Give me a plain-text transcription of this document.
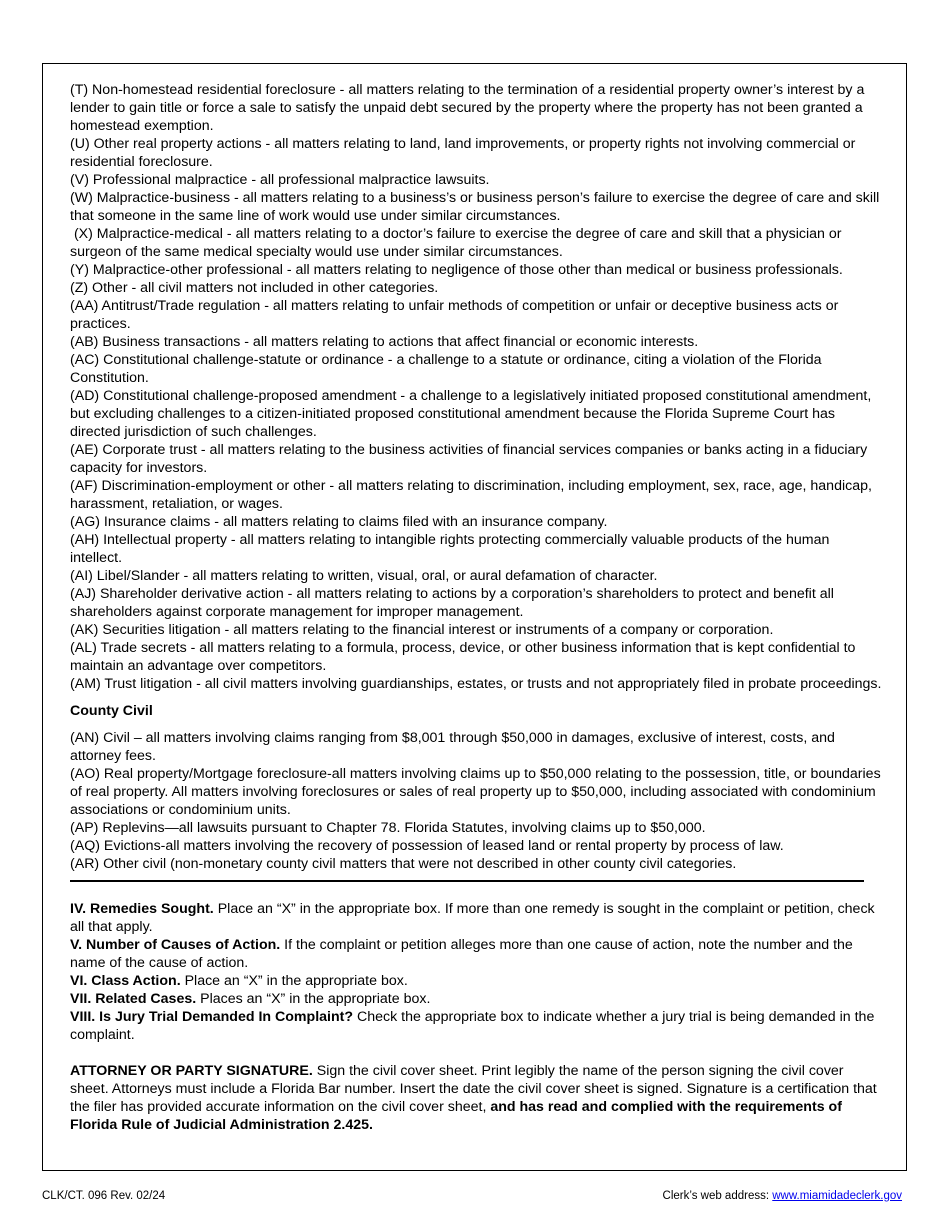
(T) Non-homestead residential foreclosure - all matters relating to the termination of a residential property owner’s interest by a lender to gain title or force a sale to satisfy the unpaid debt secured by the property where the property has not been granted a homestead exemption.

(U) Other real property actions - all matters relating to land, land improvements, or property rights not involving commercial or residential foreclosure.

(V) Professional malpractice - all professional malpractice lawsuits.

(W) Malpractice-business - all matters relating to a business’s or business person’s failure to exercise the degree of care and skill that someone in the same line of work would use under similar circumstances.

(X) Malpractice-medical - all matters relating to a doctor’s failure to exercise the degree of care and skill that a physician or surgeon of the same medical specialty would use under similar circumstances.

(Y) Malpractice-other professional - all matters relating to negligence of those other than medical or business professionals.

(Z) Other - all civil matters not included in other categories.

(AA) Antitrust/Trade regulation - all matters relating to unfair methods of competition or unfair or deceptive business acts or practices.

(AB) Business transactions - all matters relating to actions that affect financial or economic interests.

(AC) Constitutional challenge-statute or ordinance - a challenge to a statute or ordinance, citing a violation of the Florida Constitution.

(AD) Constitutional challenge-proposed amendment - a challenge to a legislatively initiated proposed constitutional amendment, but excluding challenges to a citizen-initiated proposed constitutional amendment because the Florida Supreme Court has directed jurisdiction of such challenges.

(AE) Corporate trust - all matters relating to the business activities of financial services companies or banks acting in a fiduciary capacity for investors.

(AF) Discrimination-employment or other - all matters relating to discrimination, including employment, sex, race, age, handicap, harassment, retaliation, or wages.

(AG) Insurance claims - all matters relating to claims filed with an insurance company.

(AH) Intellectual property - all matters relating to intangible rights protecting commercially valuable products of the human intellect.

(AI) Libel/Slander - all matters relating to written, visual, oral, or aural defamation of character.

(AJ) Shareholder derivative action - all matters relating to actions by a corporation’s shareholders to protect and benefit all shareholders against corporate management for improper management.

(AK) Securities litigation - all matters relating to the financial interest or instruments of a company or corporation.

(AL) Trade secrets - all matters relating to a formula, process, device, or other business information that is kept confidential to maintain an advantage over competitors.

(AM) Trust litigation - all civil matters involving guardianships, estates, or trusts and not appropriately filed in probate proceedings.

County Civil

(AN) Civil – all matters involving claims ranging from $8,001 through $50,000 in damages, exclusive of interest, costs, and attorney fees.

(AO) Real property/Mortgage foreclosure-all matters involving claims up to $50,000 relating to the possession, title, or boundaries of real property. All matters involving foreclosures or sales of real property up to $50,000, including associated with condominium associations or condominium units.

(AP) Replevins—all lawsuits pursuant to Chapter 78. Florida Statutes, involving claims up to $50,000.

(AQ) Evictions-all matters involving the recovery of possession of leased land or rental property by process of law.

(AR) Other civil (non-monetary county civil matters that were not described in other county civil categories.

IV. Remedies Sought. Place an “X” in the appropriate box. If more than one remedy is sought in the complaint or petition, check all that apply.

V. Number of Causes of Action. If the complaint or petition alleges more than one cause of action, note the number and the name of the cause of action.

VI. Class Action. Place an “X” in the appropriate box.

VII. Related Cases. Places an “X” in the appropriate box.

VIII. Is Jury Trial Demanded In Complaint? Check the appropriate box to indicate whether a jury trial is being demanded in the complaint.

ATTORNEY OR PARTY SIGNATURE. Sign the civil cover sheet. Print legibly the name of the person signing the civil cover sheet. Attorneys must include a Florida Bar number. Insert the date the civil cover sheet is signed. Signature is a certification that the filer has provided accurate information on the civil cover sheet, and has read and complied with the requirements of Florida Rule of Judicial Administration 2.425.

CLK/CT. 096 Rev. 02/24	Clerk’s web address: www.miamidadeclerk.gov
